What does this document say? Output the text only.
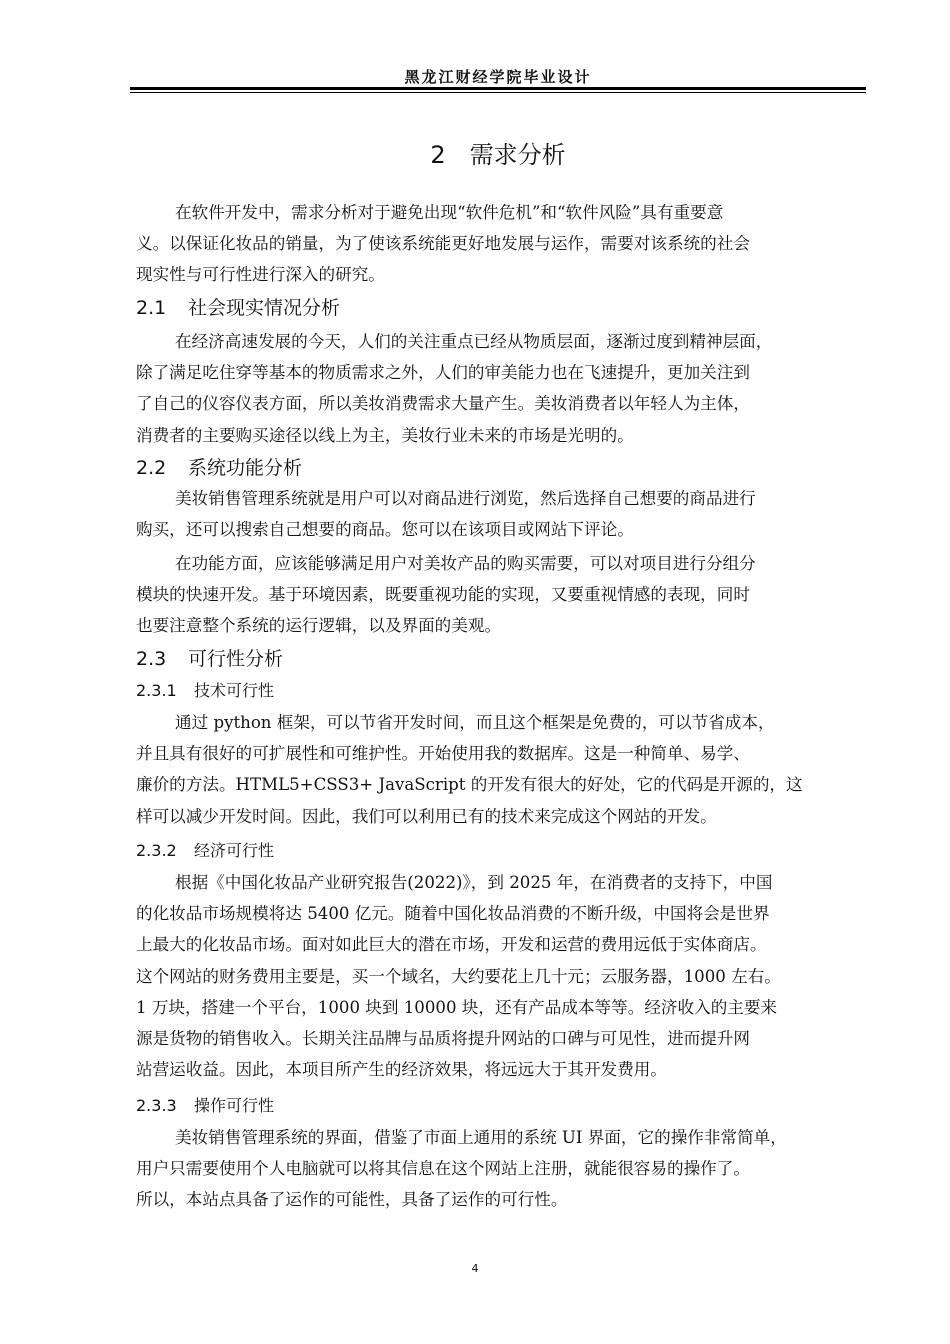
黑龙江财经学院毕业设计
2  需求分析

在软件开发中，需求分析对于避免出现“软件危机”和“软件风险”具有重要意
义。以保证化妆品的销量，为了使该系统能更好地发展与运作，需要对该系统的社会
现实性与可行性进行深入的研究。

2.1 社会现实情况分析

在经济高速发展的今天，人们的关注重点已经从物质层面，逐渐过度到精神层面，
除了满足吃住穿等基本的物质需求之外，人们的审美能力也在飞速提升，更加关注到
了自己的仪容仪表方面，所以美妆消费需求大量产生。美妆消费者以年轻人为主体，
消费者的主要购买途径以线上为主，美妆行业未来的市场是光明的。

2.2 系统功能分析

美妆销售管理系统就是用户可以对商品进行浏览，然后选择自己想要的商品进行
购买，还可以搜索自己想要的商品。您可以在该项目或网站下评论。

在功能方面，应该能够满足用户对美妆产品的购买需要，可以对项目进行分组分
模块的快速开发。基于环境因素，既要重视功能的实现，又要重视情感的表现，同时
也要注意整个系统的运行逻辑，以及界面的美观。

2.3 可行性分析
2.3.1 技术可行性

通过 python 框架，可以节省开发时间，而且这个框架是免费的，可以节省成本，
并且具有很好的可扩展性和可维护性。开始使用我的数据库。这是一种简单、易学、
廉价的方法。HTML5+CSS3+ JavaScript 的开发有很大的好处，它的代码是开源的，这
样可以减少开发时间。因此，我们可以利用已有的技术来完成这个网站的开发。

2.3.2 经济可行性

根据《中国化妆品产业研究报告(2022)》，到 2025 年，在消费者的支持下，中国
的化妆品市场规模将达 5400 亿元。随着中国化妆品消费的不断升级，中国将会是世界
上最大的化妆品市场。面对如此巨大的潜在市场，开发和运营的费用远低于实体商店。
这个网站的财务费用主要是，买一个域名，大约要花上几十元；云服务器，1000 左右。
1 万块，搭建一个平台，1000 块到 10000 块，还有产品成本等等。经济收入的主要来
源是货物的销售收入。长期关注品牌与品质将提升网站的口碑与可见性，进而提升网
站营运收益。因此，本项目所产生的经济效果，将远远大于其开发费用。

2.3.3 操作可行性

美妆销售管理系统的界面，借鉴了市面上通用的系统 UI 界面，它的操作非常简单，
用户只需要使用个人电脑就可以将其信息在这个网站上注册，就能很容易的操作了。
所以，本站点具备了运作的可能性，具备了运作的可行性。

4
